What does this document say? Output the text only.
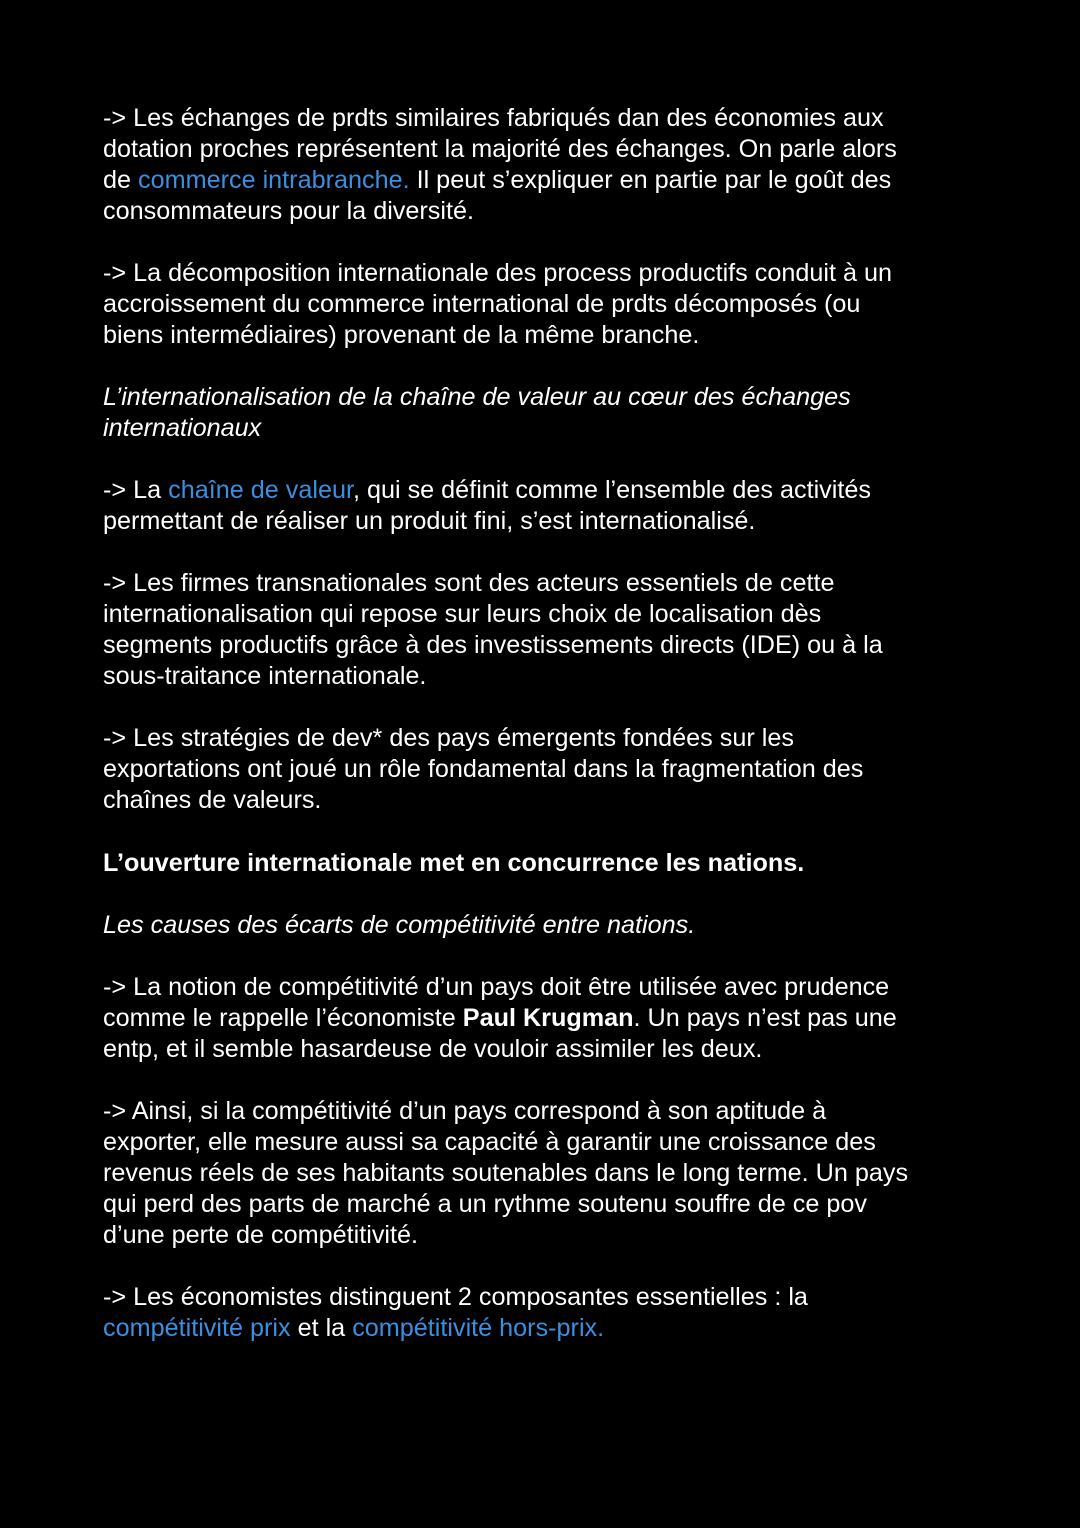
-> Les échanges de prdts similaires fabriqués dan des économies aux
dotation proches représentent la majorité des échanges. On parle alors
de commerce intrabranche. Il peut s’expliquer en partie par le goût des
consommateurs pour la diversité.
-> La décomposition internationale des process productifs conduit à un
accroissement du commerce international de prdts décomposés (ou
biens intermédiaires) provenant de la même branche.
L’internationalisation de la chaîne de valeur au cœur des échanges
internationaux
-> La chaîne de valeur, qui se définit comme l’ensemble des activités
permettant de réaliser un produit fini, s’est internationalisé.
-> Les firmes transnationales sont des acteurs essentiels de cette
internationalisation qui repose sur leurs choix de localisation dès
segments productifs grâce à des investissements directs (IDE) ou à la
sous-traitance internationale.
-> Les stratégies de dev* des pays émergents fondées sur les
exportations ont joué un rôle fondamental dans la fragmentation des
chaînes de valeurs.
L’ouverture internationale met en concurrence les nations.
Les causes des écarts de compétitivité entre nations.
-> La notion de compétitivité d’un pays doit être utilisée avec prudence
comme le rappelle l’économiste Paul Krugman. Un pays n’est pas une
entp, et il semble hasardeuse de vouloir assimiler les deux.
-> Ainsi, si la compétitivité d’un pays correspond à son aptitude à
exporter, elle mesure aussi sa capacité à garantir une croissance des
revenus réels de ses habitants soutenables dans le long terme. Un pays
qui perd des parts de marché a un rythme soutenu souffre de ce pov
d’une perte de compétitivité.
-> Les économistes distinguent 2 composantes essentielles : la
compétitivité prix et la compétitivité hors-prix.
